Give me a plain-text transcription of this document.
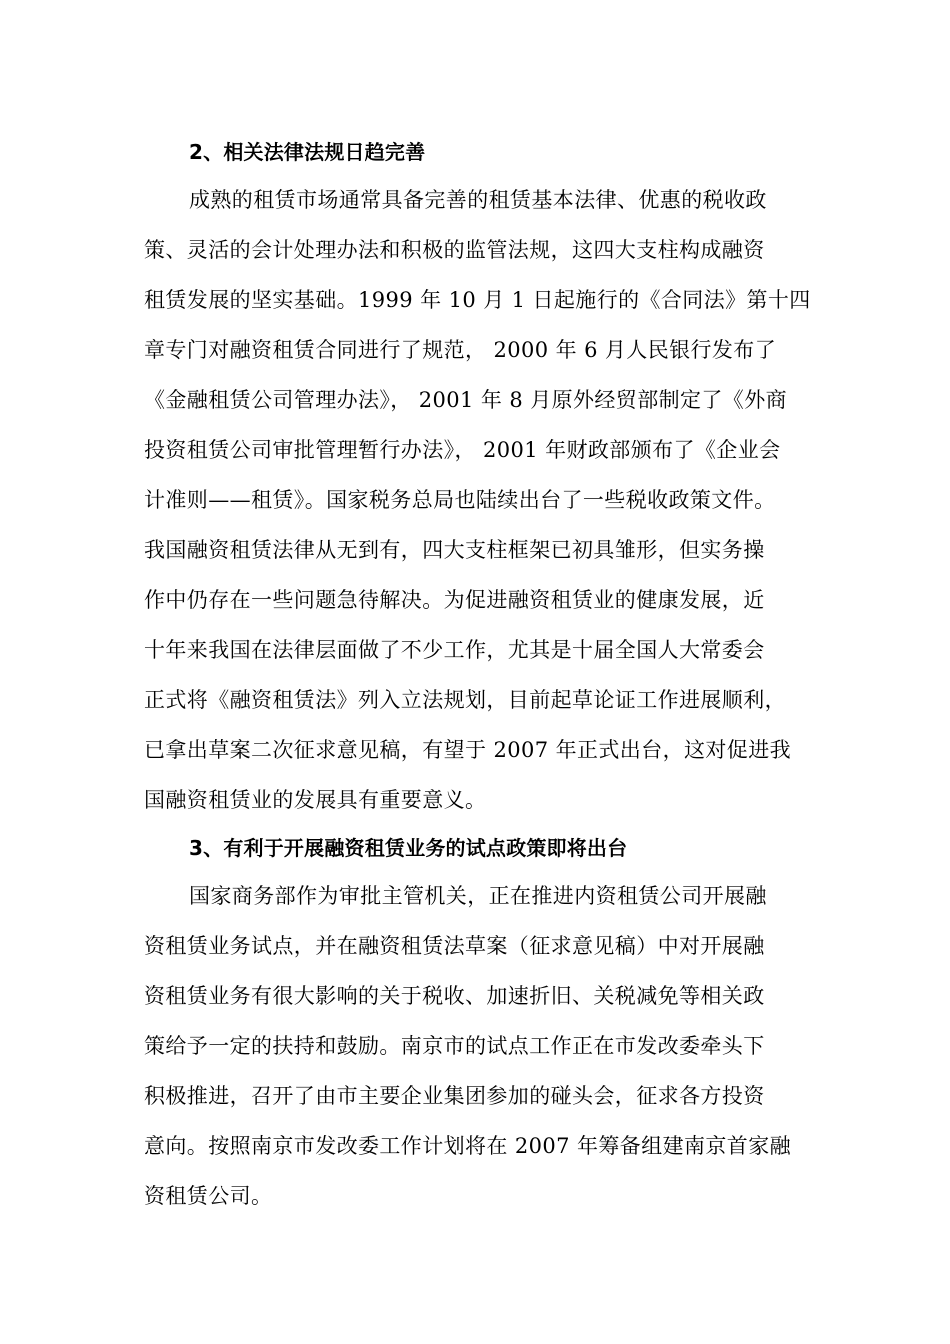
2、相关法律法规日趋完善
成熟的租赁市场通常具备完善的租赁基本法律、优惠的税收政
策、灵活的会计处理办法和积极的监管法规，这四大支柱构成融资
租赁发展的坚实基础。1999 年 10 月 1 日起施行的《合同法》第十四
章专门对融资租赁合同进行了规范， 2000 年 6 月人民银行发布了
《金融租赁公司管理办法》， 2001 年 8 月原外经贸部制定了《外商
投资租赁公司审批管理暂行办法》， 2001 年财政部颁布了《企业会
计准则——租赁》。国家税务总局也陆续出台了一些税收政策文件。
我国融资租赁法律从无到有，四大支柱框架已初具雏形，但实务操
作中仍存在一些问题急待解决。为促进融资租赁业的健康发展，近
十年来我国在法律层面做了不少工作，尤其是十届全国人大常委会
正式将《融资租赁法》列入立法规划，目前起草论证工作进展顺利，
已拿出草案二次征求意见稿，有望于 2007 年正式出台，这对促进我
国融资租赁业的发展具有重要意义。
3、有利于开展融资租赁业务的试点政策即将出台
国家商务部作为审批主管机关，正在推进内资租赁公司开展融
资租赁业务试点，并在融资租赁法草案（征求意见稿）中对开展融
资租赁业务有很大影响的关于税收、加速折旧、关税减免等相关政
策给予一定的扶持和鼓励。南京市的试点工作正在市发改委牵头下
积极推进，召开了由市主要企业集团参加的碰头会，征求各方投资
意向。按照南京市发改委工作计划将在 2007 年筹备组建南京首家融
资租赁公司。
